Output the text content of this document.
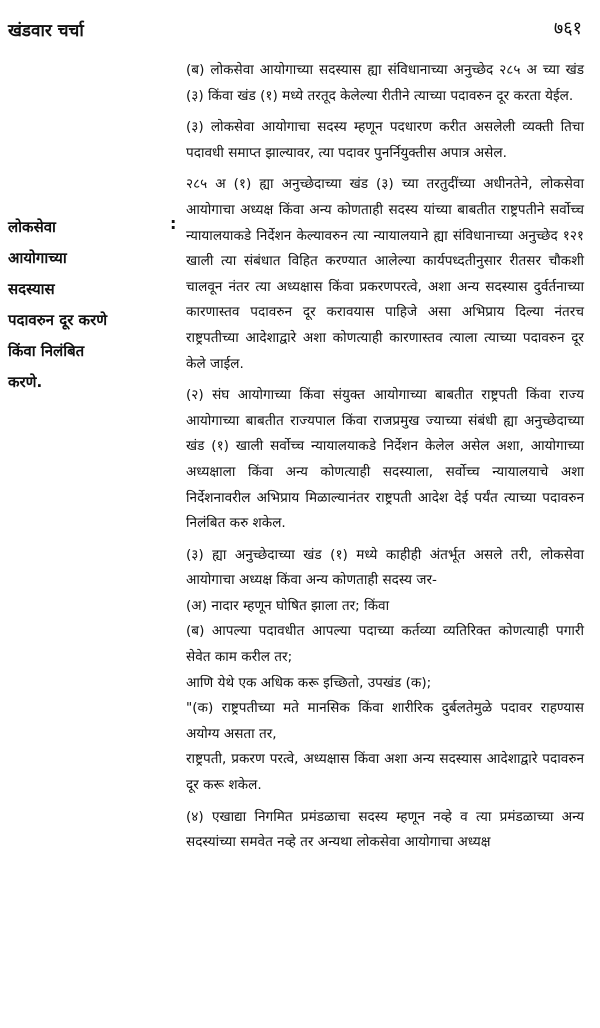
खंडवार चर्चा	७६१
लोकसेवा
आयोगाच्या
सदस्यास
पदावरुन दूर करणे
किंवा निलंबित
करणे.
:

(ब) लोकसेवा आयोगाच्या सदस्यास ह्या संविधानाच्या अनुच्छेद २८५ अ च्या खंड (३) किंवा खंड (१) मध्ये तरतूद केलेल्या रीतीने त्याच्या पदावरुन दूर करता येईल.

(३) लोकसेवा आयोगाचा सदस्य म्हणून पदधारण करीत असलेली व्यक्ती तिचा पदावधी समाप्त झाल्यावर, त्या पदावर पुनर्नियुक्तीस अपात्र असेल.

२८५ अ (१) ह्या अनुच्छेदाच्या खंड (३) च्या तरतुदींच्या अधीनतेने, लोकसेवा आयोगाचा अध्यक्ष किंवा अन्य कोणताही सदस्य यांच्या बाबतीत राष्ट्रपतीने सर्वोच्च न्यायालयाकडे निर्देशन केल्यावरुन त्या न्यायालयाने ह्या संविधानाच्या अनुच्छेद १२१ खाली त्या संबंधात विहित करण्यात आलेल्या कार्यपध्दतीनुसार रीतसर चौकशी चालवून नंतर त्या अध्यक्षास किंवा प्रकरणपरत्वे, अशा अन्य सदस्यास दुर्वर्तनाच्या कारणास्तव पदावरुन दूर करावयास पाहिजे असा अभिप्राय दिल्या नंतरच राष्ट्रपतीच्या आदेशाद्वारे अशा कोणत्याही कारणास्तव त्याला त्याच्या पदावरुन दूर केले जाईल.

(२) संघ आयोगाच्या किंवा संयुक्त आयोगाच्या बाबतीत राष्ट्रपती किंवा राज्य आयोगाच्या बाबतीत राज्यपाल किंवा राजप्रमुख ज्याच्या संबंधी ह्या अनुच्छेदाच्या खंड (१) खाली सर्वोच्च न्यायालयाकडे निर्देशन केलेल असेल अशा, आयोगाच्या अध्यक्षाला किंवा अन्य कोणत्याही सदस्याला, सर्वोच्च न्यायालयाचे अशा निर्देशनावरील अभिप्राय मिळाल्यानंतर राष्ट्रपती आदेश देई पर्यंत त्याच्या पदावरुन निलंबित करु शकेल.

(३) ह्या अनुच्छेदाच्या खंड (१) मध्ये काहीही अंतर्भूत असले तरी, लोकसेवा आयोगाचा अध्यक्ष किंवा अन्य कोणताही सदस्य जर-

(अ) नादार म्हणून घोषित झाला तर; किंवा

(ब) आपल्या पदावधीत आपल्या पदाच्या कर्तव्या व्यतिरिक्त कोणत्याही पगारी सेवेत काम करील तर;

आणि येथे एक अधिक करू इच्छितो, उपखंड (क);

"(क) राष्ट्रपतीच्या मते मानसिक किंवा शारीरिक दुर्बलतेमुळे पदावर राहण्यास अयोग्य असता तर,

राष्ट्रपती, प्रकरण परत्वे, अध्यक्षास किंवा अशा अन्य सदस्यास आदेशाद्वारे पदावरुन दूर करू शकेल.

(४) एखाद्या निगमित प्रमंडळाचा सदस्य म्हणून नव्हे व त्या प्रमंडळाच्या अन्य सदस्यांच्या समवेत नव्हे तर अन्यथा लोकसेवा आयोगाचा अध्यक्ष
